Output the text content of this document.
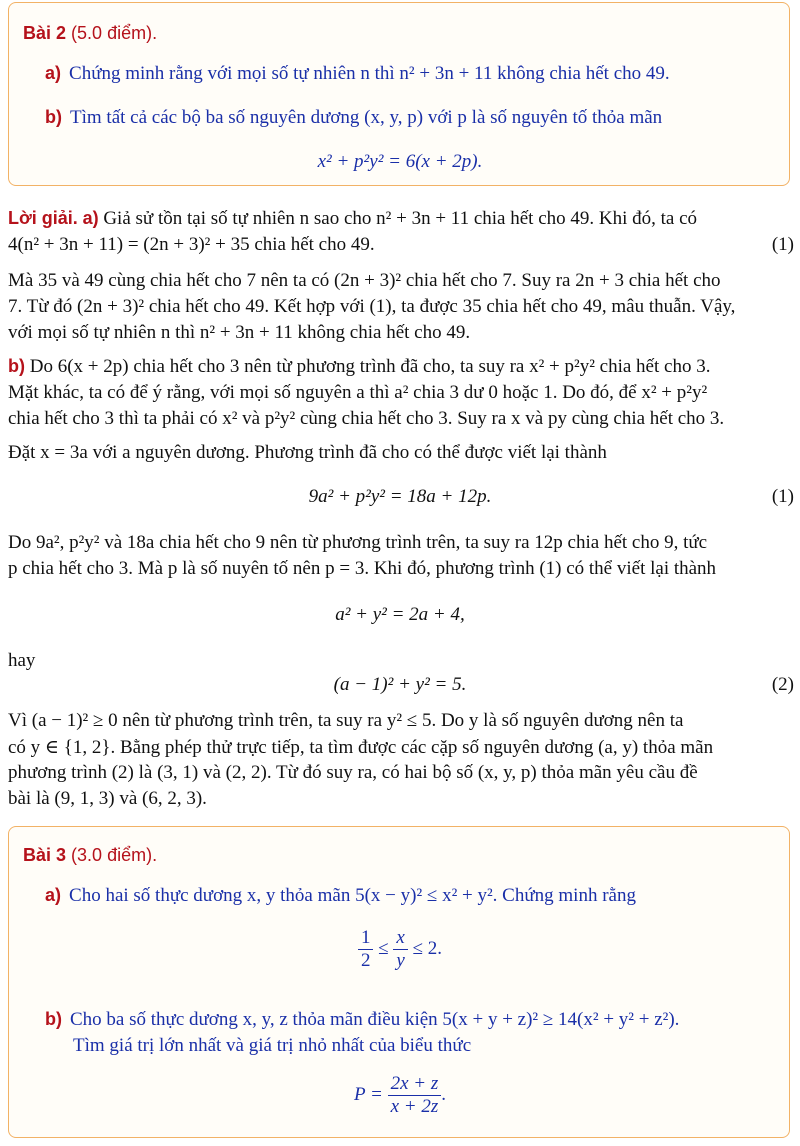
Bài 2 (5.0 điểm).
a) Chứng minh rằng với mọi số tự nhiên n thì n² + 3n + 11 không chia hết cho 49.
b) Tìm tất cả các bộ ba số nguyên dương (x, y, p) với p là số nguyên tố thỏa mãn
x² + p²y² = 6(x + 2p).
Lời giải. a) Giả sử tồn tại số tự nhiên n sao cho n² + 3n + 11 chia hết cho 49. Khi đó, ta có
4(n² + 3n + 11) = (2n + 3)² + 35 chia hết cho 49.	(1)
Mà 35 và 49 cùng chia hết cho 7 nên ta có (2n + 3)² chia hết cho 7. Suy ra 2n + 3 chia hết cho
7. Từ đó (2n + 3)² chia hết cho 49. Kết hợp với (1), ta được 35 chia hết cho 49, mâu thuẫn. Vậy,
với mọi số tự nhiên n thì n² + 3n + 11 không chia hết cho 49.
b) Do 6(x + 2p) chia hết cho 3 nên từ phương trình đã cho, ta suy ra x² + p²y² chia hết cho 3.
Mặt khác, ta có để ý rằng, với mọi số nguyên a thì a² chia 3 dư 0 hoặc 1. Do đó, để x² + p²y²
chia hết cho 3 thì ta phải có x² và p²y² cùng chia hết cho 3. Suy ra x và py cùng chia hết cho 3.
Đặt x = 3a với a nguyên dương. Phương trình đã cho có thể được viết lại thành
9a² + p²y² = 18a + 12p.	(1)
Do 9a², p²y² và 18a chia hết cho 9 nên từ phương trình trên, ta suy ra 12p chia hết cho 9, tức
p chia hết cho 3. Mà p là số nuyên tố nên p = 3. Khi đó, phương trình (1) có thể viết lại thành
a² + y² = 2a + 4,
hay
(a − 1)² + y² = 5.	(2)
Vì (a − 1)² ≥ 0 nên từ phương trình trên, ta suy ra y² ≤ 5. Do y là số nguyên dương nên ta
có y ∈ {1, 2}. Bằng phép thử trực tiếp, ta tìm được các cặp số nguyên dương (a, y) thỏa mãn
phương trình (2) là (3, 1) và (2, 2). Từ đó suy ra, có hai bộ số (x, y, p) thỏa mãn yêu cầu đề
bài là (9, 1, 3) và (6, 2, 3).
Bài 3 (3.0 điểm).
a) Cho hai số thực dương x, y thỏa mãn 5(x − y)² ≤ x² + y². Chứng minh rằng
$\frac{1}{2} \le \frac{x}{y} \le 2$.
b) Cho ba số thực dương x, y, z thỏa mãn điều kiện 5(x + y + z)² ≥ 14(x² + y² + z²).
Tìm giá trị lớn nhất và giá trị nhỏ nhất của biểu thức
$P = \frac{2x + z}{x + 2z}$ .
